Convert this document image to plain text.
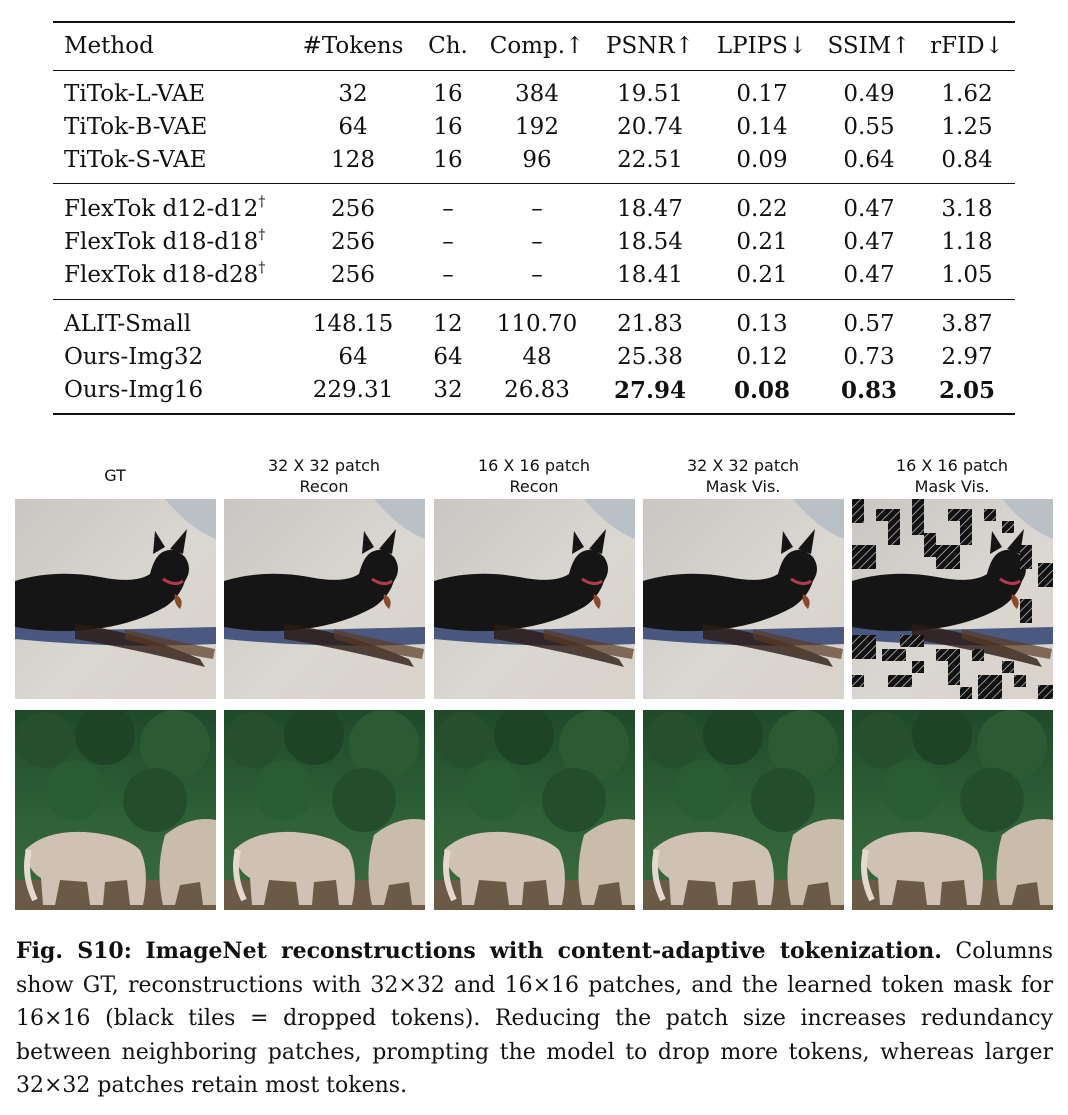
Method	#Tokens Ch. Comp.↑ PSNR↑ LPIPS↓ SSIM↑ rFID↓
TiTok-L-VAE	32	16 384	19.51 0.17 0.49 1.62
TiTok-B-VAE	64	16 192	20.74 0.14 0.55 1.25
TiTok-S-VAE	128	16	96	22.51 0.09 0.64 0.84
FlexTok d12-d12†	256	–	–	18.47 0.22 0.47 3.18
FlexTok d18-d18†	256	–	–	18.54 0.21 0.47 1.18
FlexTok d18-d28†	256	–	–	18.41 0.21 0.47 1.05
ALIT-Small	148.15 12 110.70 21.83 0.13 0.57 3.87
Ours-Img32	64	64	48	25.38 0.12 0.73 2.97
Ours-Img16	229.31 32 26.83 27.94 0.08 0.83 2.05
GT
32 X 32 patch
Recon
16 X 16 patch
Recon
32 X 32 patch
Mask Vis.
16 X 16 patch
Mask Vis.
Fig. S10: ImageNet reconstructions with content-adaptive tokenization. Columns show GT, reconstructions with 32×32 and 16×16 patches, and the learned token mask for 16×16 (black tiles = dropped tokens). Reducing the patch size increases redundancy between neighboring patches, prompting the model to drop more tokens, whereas larger 32×32 patches retain most tokens.
